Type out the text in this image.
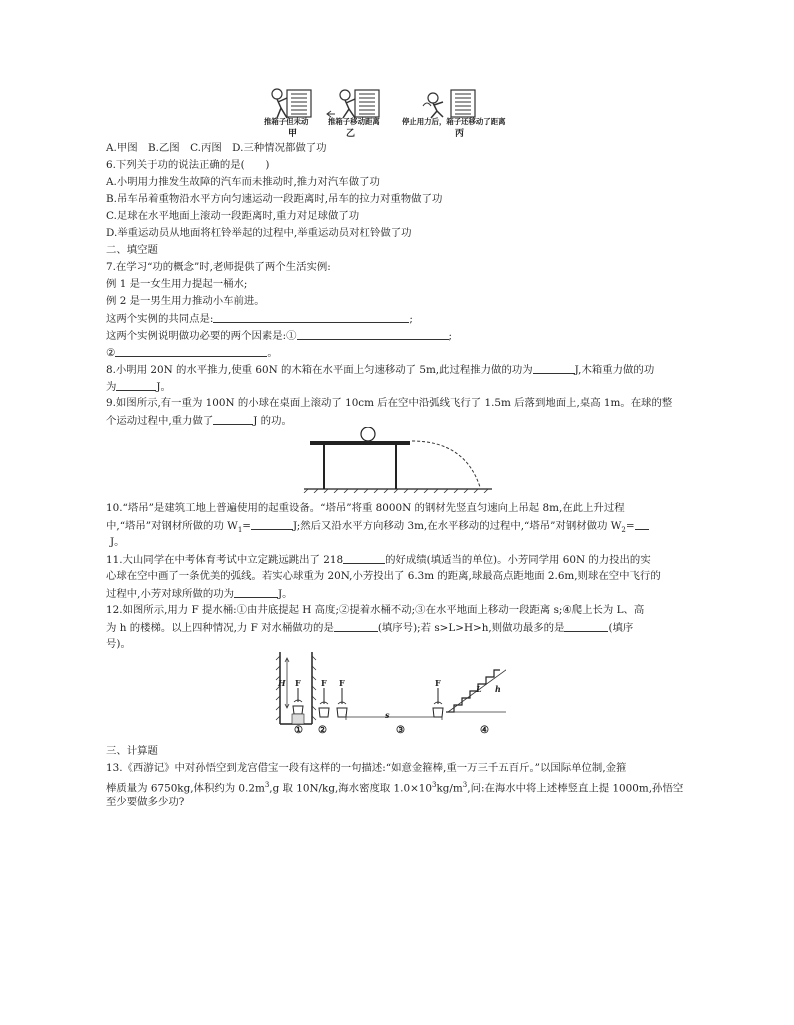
推箱子但未动	推箱子移动距离	停止用力后，箱子还移动了距离
甲	乙	丙
A.甲图　B.乙图　C.丙图　D.三种情况都做了功
6.下列关于功的说法正确的是(　　)
A.小明用力推发生故障的汽车而未推动时,推力对汽车做了功
B.吊车吊着重物沿水平方向匀速运动一段距离时,吊车的拉力对重物做了功
C.足球在水平地面上滚动一段距离时,重力对足球做了功
D.举重运动员从地面将杠铃举起的过程中,举重运动员对杠铃做了功
二、填空题
7.在学习“功的概念”时,老师提供了两个生活实例:
例 1 是一女生用力提起一桶水;
例 2 是一男生用力推动小车前进。
这两个实例的共同点是:	;
这两个实例说明做功必要的两个因素是:①	;
②	。
8.小明用 20N 的水平推力,使重 60N 的木箱在水平面上匀速移动了 5m,此过程推力做的功为	J,木箱重力做的功
为	J。
9.如图所示,有一重为 100N 的小球在桌面上滚动了 10cm 后在空中沿弧线飞行了 1.5m 后落到地面上,桌高 1m。在球的整
个运动过程中,重力做了	J 的功。
10.“塔吊”是建筑工地上普遍使用的起重设备。“塔吊”将重 8000N 的钢材先竖直匀速向上吊起 8m,在此上升过程
中,“塔吊”对钢材所做的功 $W_1=$	J;然后又沿水平方向移动 3m,在水平移动的过程中,“塔吊”对钢材做功 $W_2=$
J。
11.大山同学在中考体育考试中立定跳远跳出了 218	的好成绩(填适当的单位)。小芳同学用 60N 的力投出的实
心球在空中画了一条优美的弧线。若实心球重为 20N,小芳投出了 6.3m 的距离,球最高点距地面 2.6m,则球在空中飞行的
过程中,小芳对球所做的功为	J。
12.如图所示,用力 F 提水桶:①由井底提起 H 高度;②提着水桶不动;③在水平地面上移动一段距离 s;④爬上长为 L、高
为 h 的楼梯。以上四种情况,力 F 对水桶做功的是	(填序号);若 s>L>H>h,则做功最多的是	(填序
号)。
H F	F F	F
s
L h
① ②	③	④
三、计算题
13.《西游记》中对孙悟空到龙宫借宝一段有这样的一句描述:“如意金箍棒,重一万三千五百斤。”以国际单位制,金箍
棒质量为 6750kg,体积约为 $0.2m^3,g$ 取 10N/kg,海水密度取 $1.0\times 10^3kg/m^3$,问:在海水中将上述棒竖直上提 1000m,孙悟空
至少要做多少功?
